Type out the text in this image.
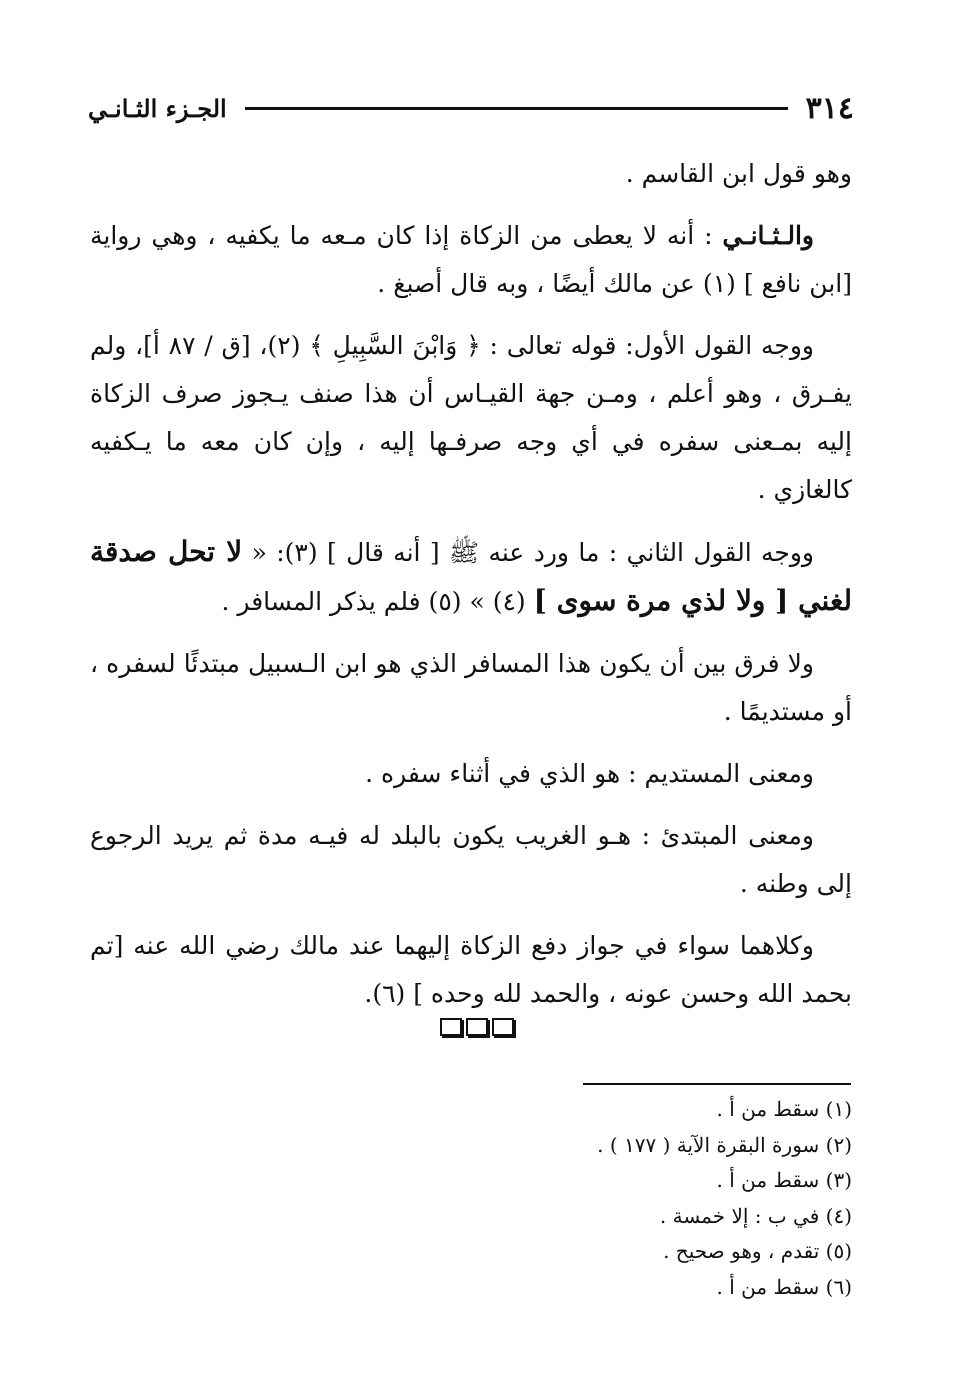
٣١٤
الجـزء الثـانـي

وهو قول ابن القاسم .

والـثـانـي : أنه لا يعطى من الزكاة إذا كان مـعه ما يكفيه ، وهي رواية [ابن نافع ] (١) عن مالك أيضًا ، وبه قال أصبغ .

ووجه القول الأول: قوله تعالى : ﴿ وَابْنَ السَّبِيلِ ﴾ (٢)، [ق / ٨٧ أ]، ولم يفـرق ، وهو أعلم ، ومـن جهة القيـاس أن هذا صنف يـجوز صرف الزكاة إليه بمـعنى سفره في أي وجه صرفـها إليه ، وإن كان معه ما يـكفيه كالغازي .

ووجه القول الثاني : ما ورد عنه ﷺ [ أنه قال ] (٣): « لا تحل صدقة لغني [ ولا لذي مرة سوى ] (٤) » (٥) فلم يذكر المسافر .

ولا فرق بين أن يكون هذا المسافر الذي هو ابن الـسبيل مبتدئًا لسفره ، أو مستديمًا .

ومعنى المستديم : هو الذي في أثناء سفره .

ومعنى المبتدئ : هـو الغريب يكون بالبلد له فيـه مدة ثم يريد الرجوع إلى وطنه .

وكلاهما سواء في جواز دفع الزكاة إليهما عند مالك رضي الله عنه [تم بحمد الله وحسن عونه ، والحمد لله وحده ] (٦).

(١) سقط من أ .
(٢) سورة البقرة الآية ( ١٧٧ ) .
(٣) سقط من أ .
(٤) في ب : إلا خمسة .
(٥) تقدم ، وهو صحيح .
(٦) سقط من أ .
